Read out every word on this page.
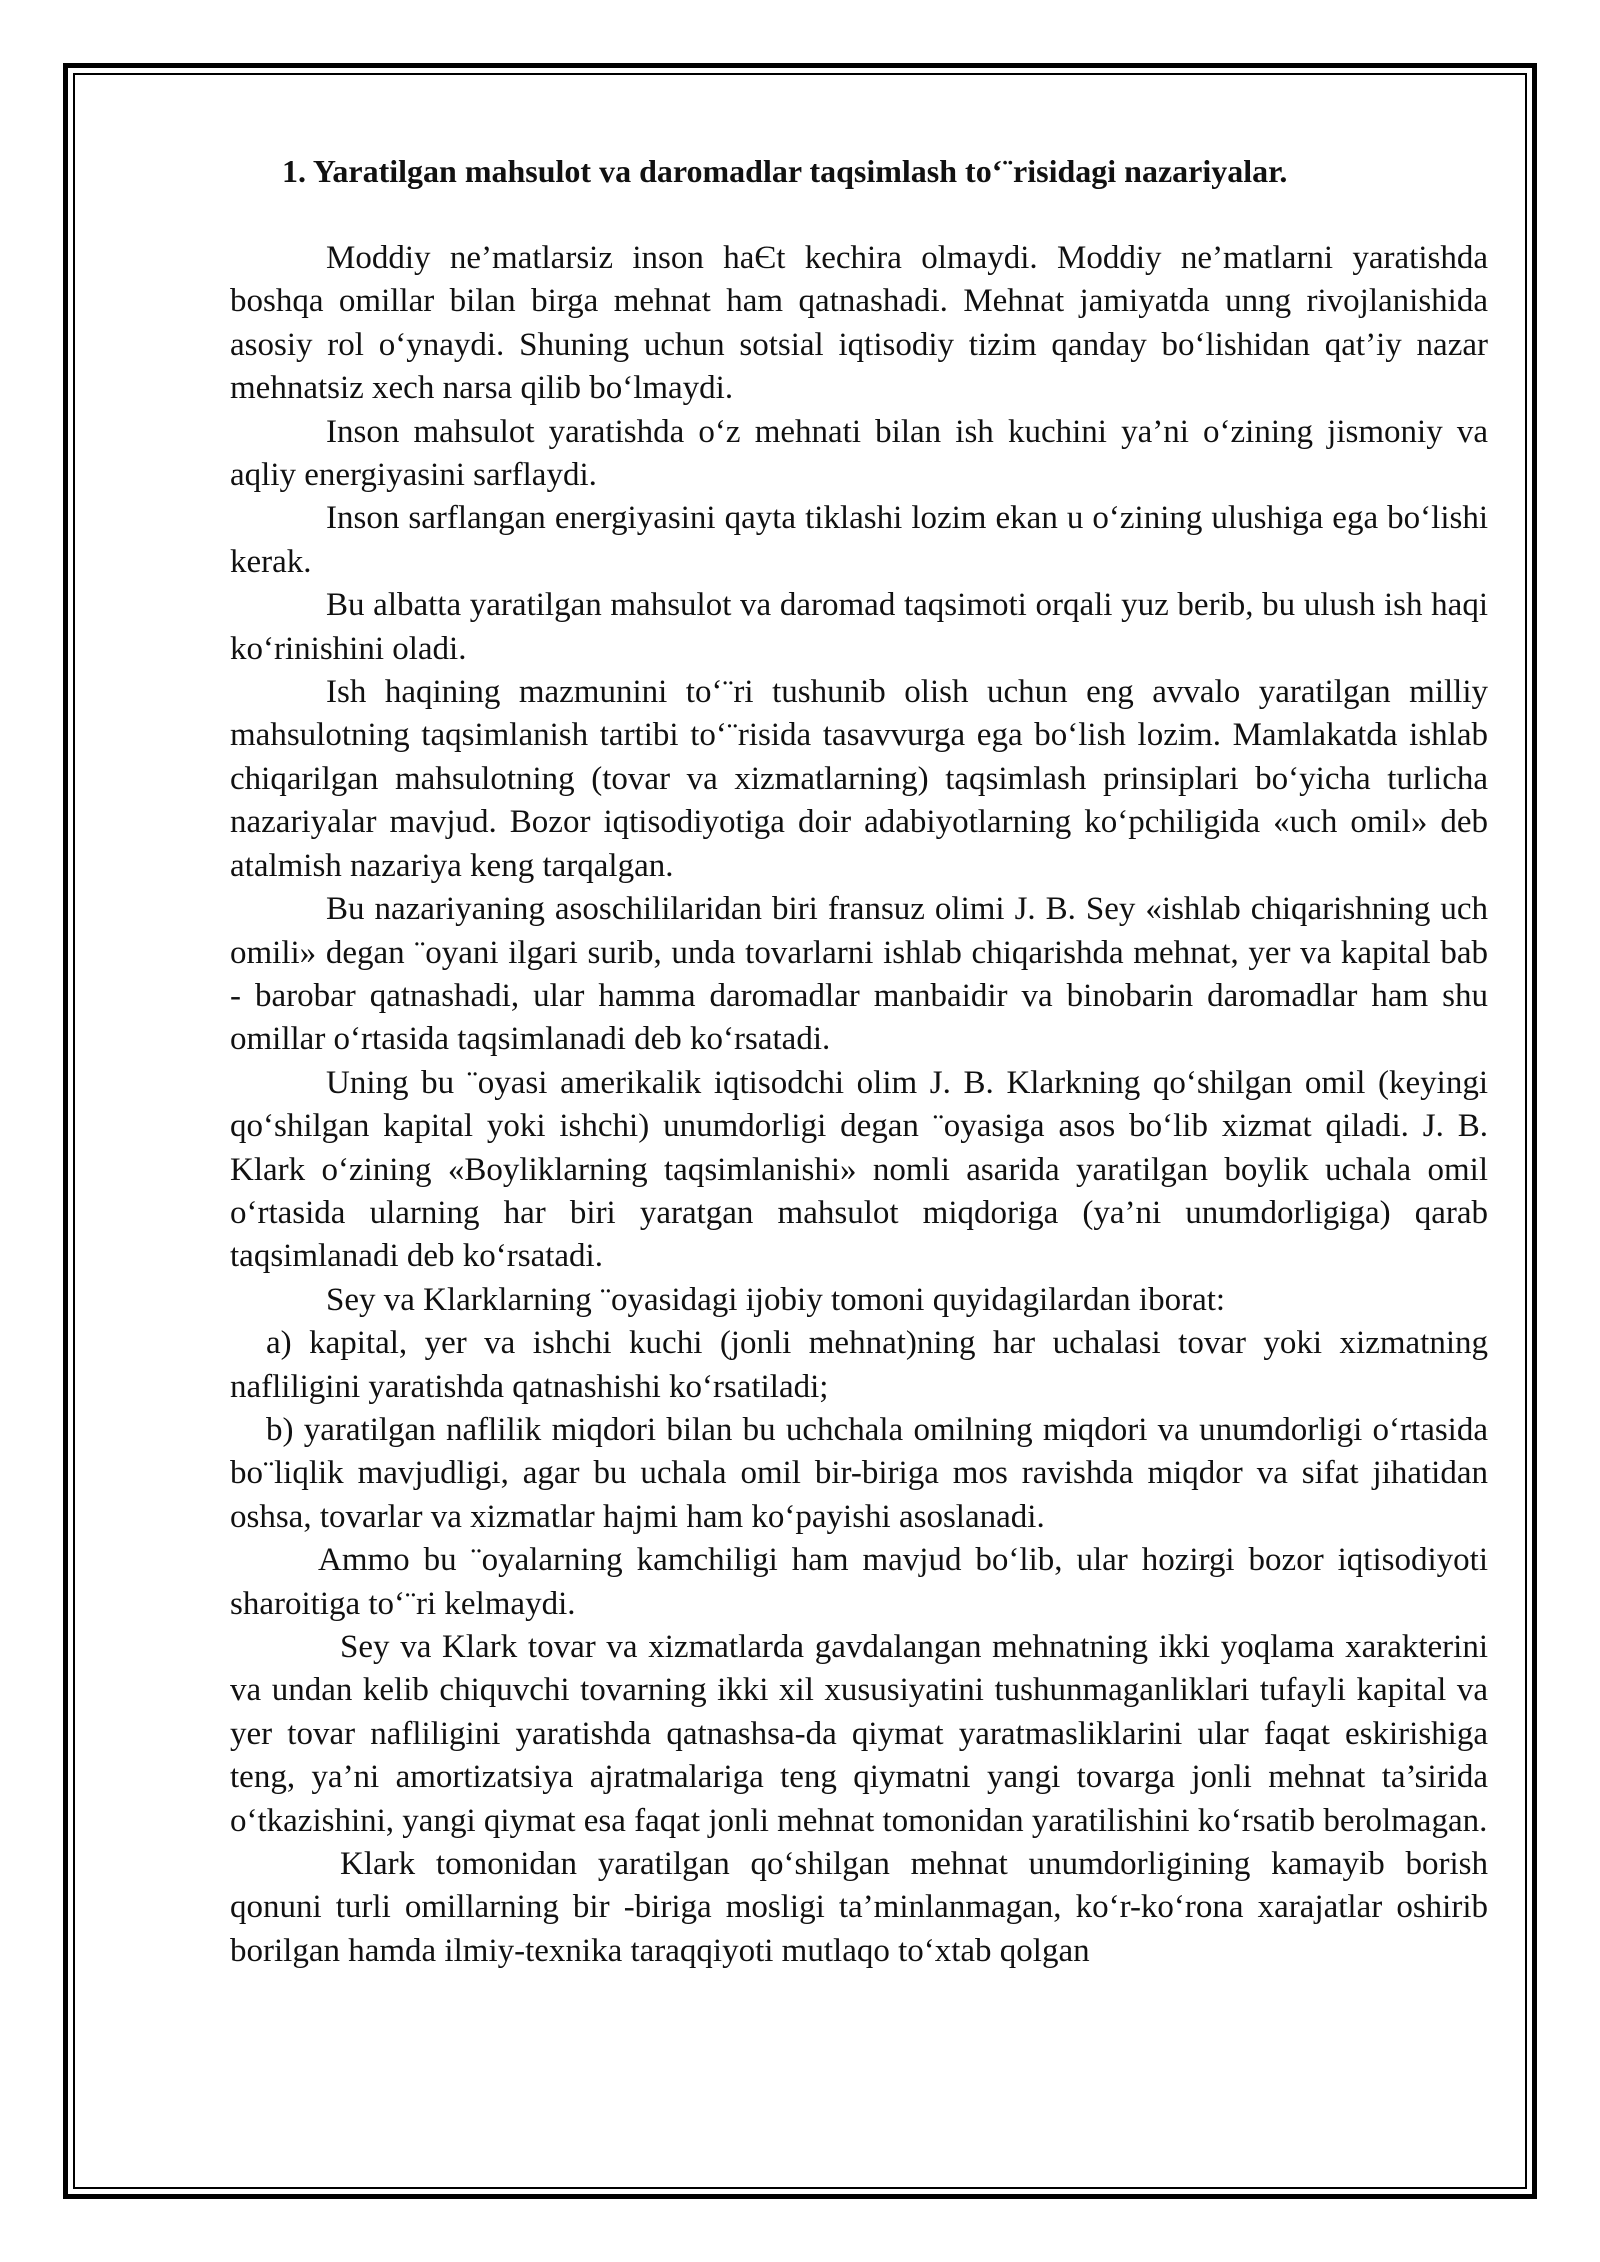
1. Yaratilgan mahsulot va daromadlar taqsimlash to‘¨risidagi nazariyalar.

Moddiy ne’matlarsiz inson haЄt kechira olmaydi. Moddiy ne’matlarni yaratishda boshqa omillar bilan birga mehnat ham qatnashadi. Mehnat jamiyatda unng rivojlanishida asosiy rol o‘ynaydi. Shuning uchun sotsial iqtisodiy tizim qanday bo‘lishidan qat’iy nazar mehnatsiz xech narsa qilib bo‘lmaydi.

Inson mahsulot yaratishda o‘z mehnati bilan ish kuchini ya’ni o‘zining jismoniy va aqliy energiyasini sarflaydi.

Inson sarflangan energiyasini qayta tiklashi lozim ekan u o‘zining ulushiga ega bo‘lishi kerak.

Bu albatta yaratilgan mahsulot va daromad taqsimoti orqali yuz berib, bu ulush ish haqi ko‘rinishini oladi.

Ish haqining mazmunini to‘¨ri tushunib olish uchun eng avvalo yaratilgan milliy mahsulotning taqsimlanish tartibi to‘¨risida tasavvurga ega bo‘lish lozim. Mamlakatda ishlab chiqarilgan mahsulotning (tovar va xizmatlarning) taqsimlash prinsiplari bo‘yicha turlicha nazariyalar mavjud. Bozor iqtisodiyotiga doir adabiyotlarning ko‘pchiligida «uch omil» deb atalmish nazariya keng tarqalgan.

Bu nazariyaning asoschililaridan biri fransuz olimi J. B. Sey «ishlab chiqarishning uch omili» degan ¨oyani ilgari surib, unda tovarlarni ishlab chiqarishda mehnat, yer va kapital bab - barobar qatnashadi, ular hamma daromadlar manbaidir va binobarin daromadlar ham shu omillar o‘rtasida taqsimlanadi deb ko‘rsatadi.

Uning bu ¨oyasi amerikalik iqtisodchi olim J. B. Klarkning qo‘shilgan omil (keyingi qo‘shilgan kapital yoki ishchi) unumdorligi degan ¨oyasiga asos bo‘lib xizmat qiladi. J. B. Klark o‘zining «Boyliklarning taqsimlanishi» nomli asarida yaratilgan boylik uchala omil o‘rtasida ularning har biri yaratgan mahsulot miqdoriga (ya’ni unumdorligiga) qarab taqsimlanadi deb ko‘rsatadi.

Sey va Klarklarning ¨oyasidagi ijobiy tomoni quyidagilardan iborat:

a) kapital, yer va ishchi kuchi (jonli mehnat)ning har uchalasi tovar yoki xizmatning nafliligini yaratishda qatnashishi ko‘rsatiladi;

b) yaratilgan naflilik miqdori bilan bu uchchala omilning miqdori va unumdorligi o‘rtasida bo¨liqlik mavjudligi, agar bu uchala omil bir-biriga mos ravishda miqdor va sifat jihatidan oshsa, tovarlar va xizmatlar hajmi ham ko‘payishi asoslanadi.

Ammo bu ¨oyalarning kamchiligi ham mavjud bo‘lib, ular hozirgi bozor iqtisodiyoti sharoitiga to‘¨ri kelmaydi.

Sey va Klark tovar va xizmatlarda gavdalangan mehnatning ikki yoqlama xarakterini va undan kelib chiquvchi tovarning ikki xil xususiyatini tushunmaganliklari tufayli kapital va yer tovar nafliligini yaratishda qatnashsa-da qiymat yaratmasliklarini ular faqat eskirishiga teng, ya’ni amortizatsiya ajratmalariga teng qiymatni yangi tovarga jonli mehnat ta’sirida o‘tkazishini, yangi qiymat esa faqat jonli mehnat tomonidan yaratilishini ko‘rsatib berolmagan.

Klark tomonidan yaratilgan qo‘shilgan mehnat unumdorligining kamayib borish qonuni turli omillarning bir -biriga mosligi ta’minlanmagan, ko‘r-ko‘rona xarajatlar oshirib borilgan hamda ilmiy-texnika taraqqiyoti mutlaqo to‘xtab qolgan
